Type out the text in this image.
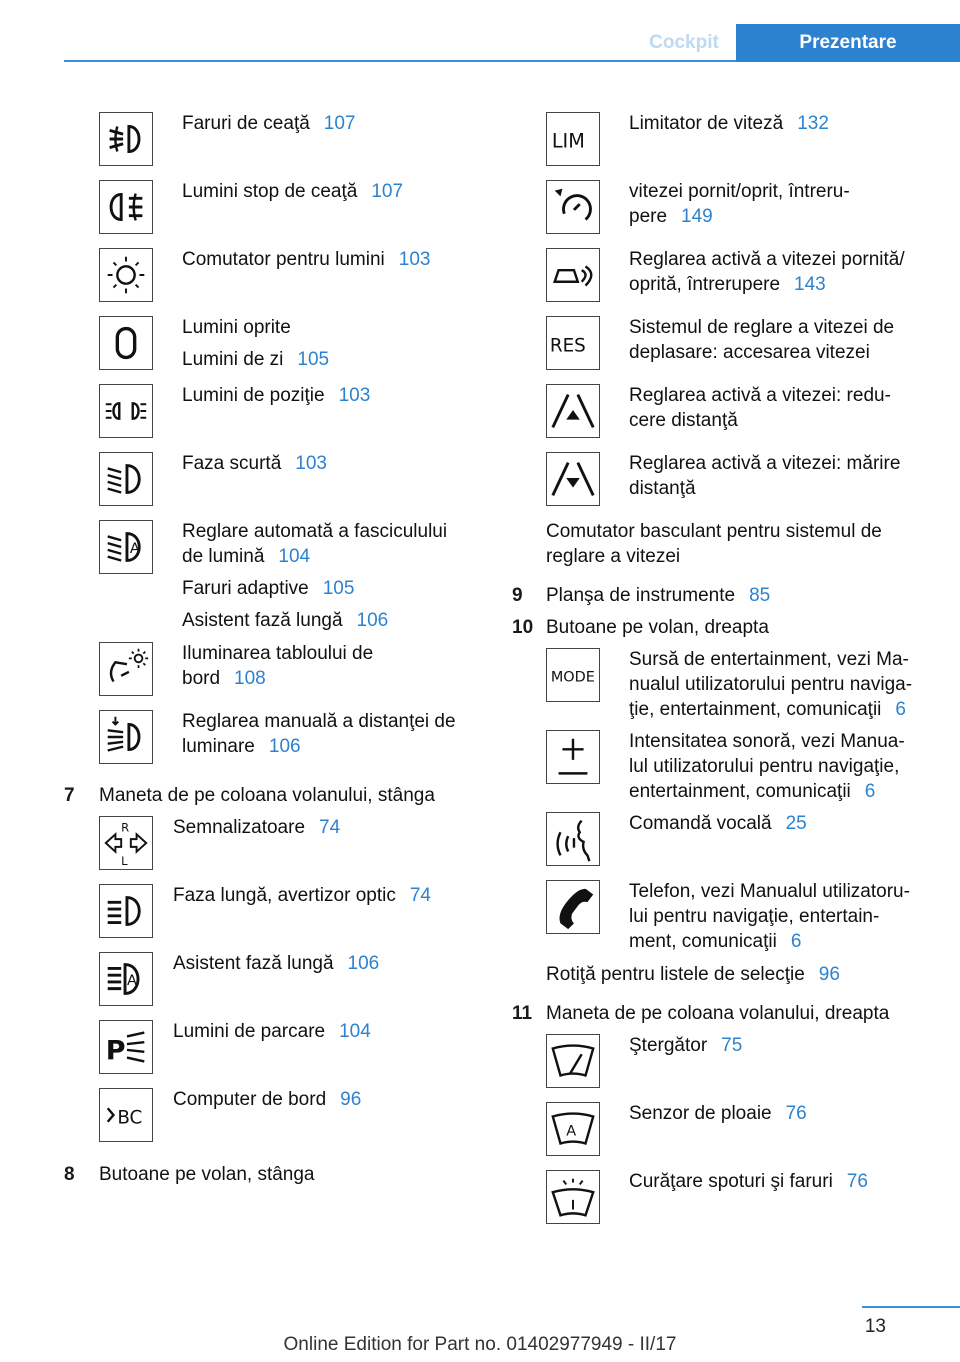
Cockpit	Prezentare
Faruri de ceaţă 107
Lumini stop de ceaţă 107
Comutator pentru lumini 103
Lumini oprite
Lumini de zi 105
Lumini de poziţie 103
Faza scurtă 103
A
Reglare automată a fasciculului
de lumină 104
Faruri adaptive 105
Asistent fază lungă 106
Iluminarea tabloului de
bord 108
Reglarea manuală a distanţei de
luminare 106
7 Maneta de pe coloana volanului, stânga
R
L
Semnalizatoare 74
Faza lungă, avertizor optic 74
A
Asistent fază lungă 106
P
Lumini de parcare 104
BC
Computer de bord 96
8 Butoane pe volan, stânga
LIM
Limitator de viteză 132
vitezei pornit/oprit, întreru-
pere 149
Reglarea activă a vitezei pornită/
oprită, întrerupere 143
RES
Sistemul de reglare a vitezei de
deplasare: accesarea vitezei
Reglarea activă a vitezei: redu-
cere distanţă
Reglarea activă a vitezei: mărire
distanţă
Comutator basculant pentru sistemul de
reglare a vitezei
9 Planşa de instrumente 85
10 Butoane pe volan, dreapta
MODE
Sursă de entertainment, vezi Ma-
nualul utilizatorului pentru naviga-
ţie, entertainment, comunicaţii 6
Intensitatea sonoră, vezi Manua-
lul utilizatorului pentru navigaţie,
entertainment, comunicaţii 6
Comandă vocală 25
Telefon, vezi Manualul utilizatoru-
lui pentru navigaţie, entertain-
ment, comunicaţii 6
Rotiţă pentru listele de selecţie 96
11 Maneta de pe coloana volanului, dreapta
Ştergător 75
A
Senzor de ploaie 76
Curăţare spoturi şi faruri 76
13
Online Edition for Part no. 01402977949 - II/17
